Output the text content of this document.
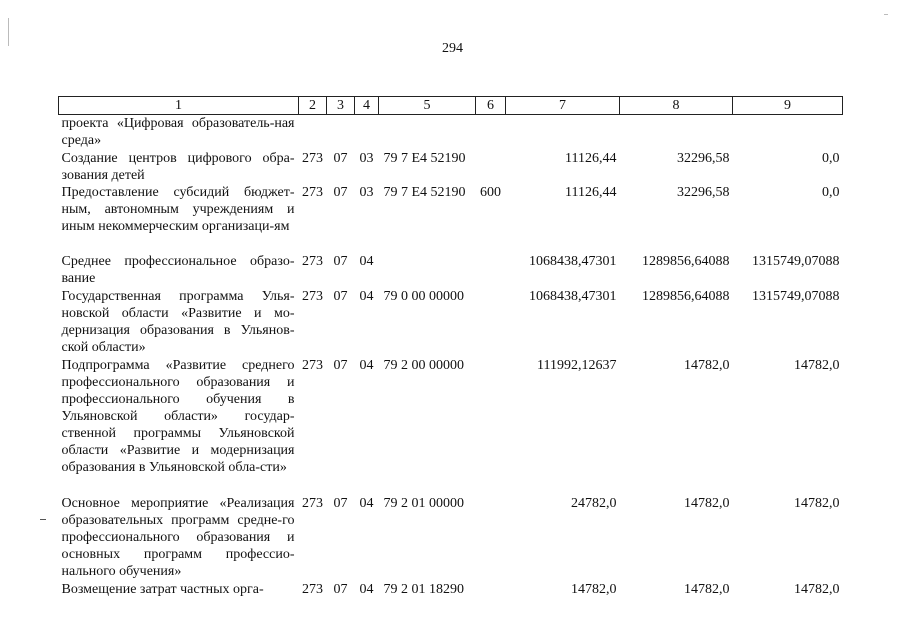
294
1	2	3	4	5	6	7	8	9
проекта «Цифровая образователь-ная среда»								
Создание центров цифрового обра-зования детей	273	07	03	79 7 E4 52190		11126,44	32296,58	0,0
Предоставление субсидий бюджет-ным, автономным учреждениям и иным некоммерческим организаци-ям	273	07	03	79 7 E4 52190	600	11126,44	32296,58	0,0
Среднее профессиональное образо-вание	273	07	04			1068438,47301	1289856,64088	1315749,07088
Государственная программа Улья-новской области «Развитие и мо-дернизация образования в Ульянов-ской области»	273	07	04	79 0 00 00000		1068438,47301	1289856,64088	1315749,07088
Подпрограмма «Развитие среднего профессионального образования и профессионального обучения в Ульяновской области» государ-ственной программы Ульяновской области «Развитие и модернизация образования в Ульяновской обла-сти»	273	07	04	79 2 00 00000		111992,12637	14782,0	14782,0
Основное мероприятие «Реализация образовательных программ средне-го профессионального образования и основных программ профессио-нального обучения»	273	07	04	79 2 01 00000		24782,0	14782,0	14782,0
Возмещение затрат частных орга-	273	07	04	79 2 01 18290		14782,0	14782,0	14782,0
